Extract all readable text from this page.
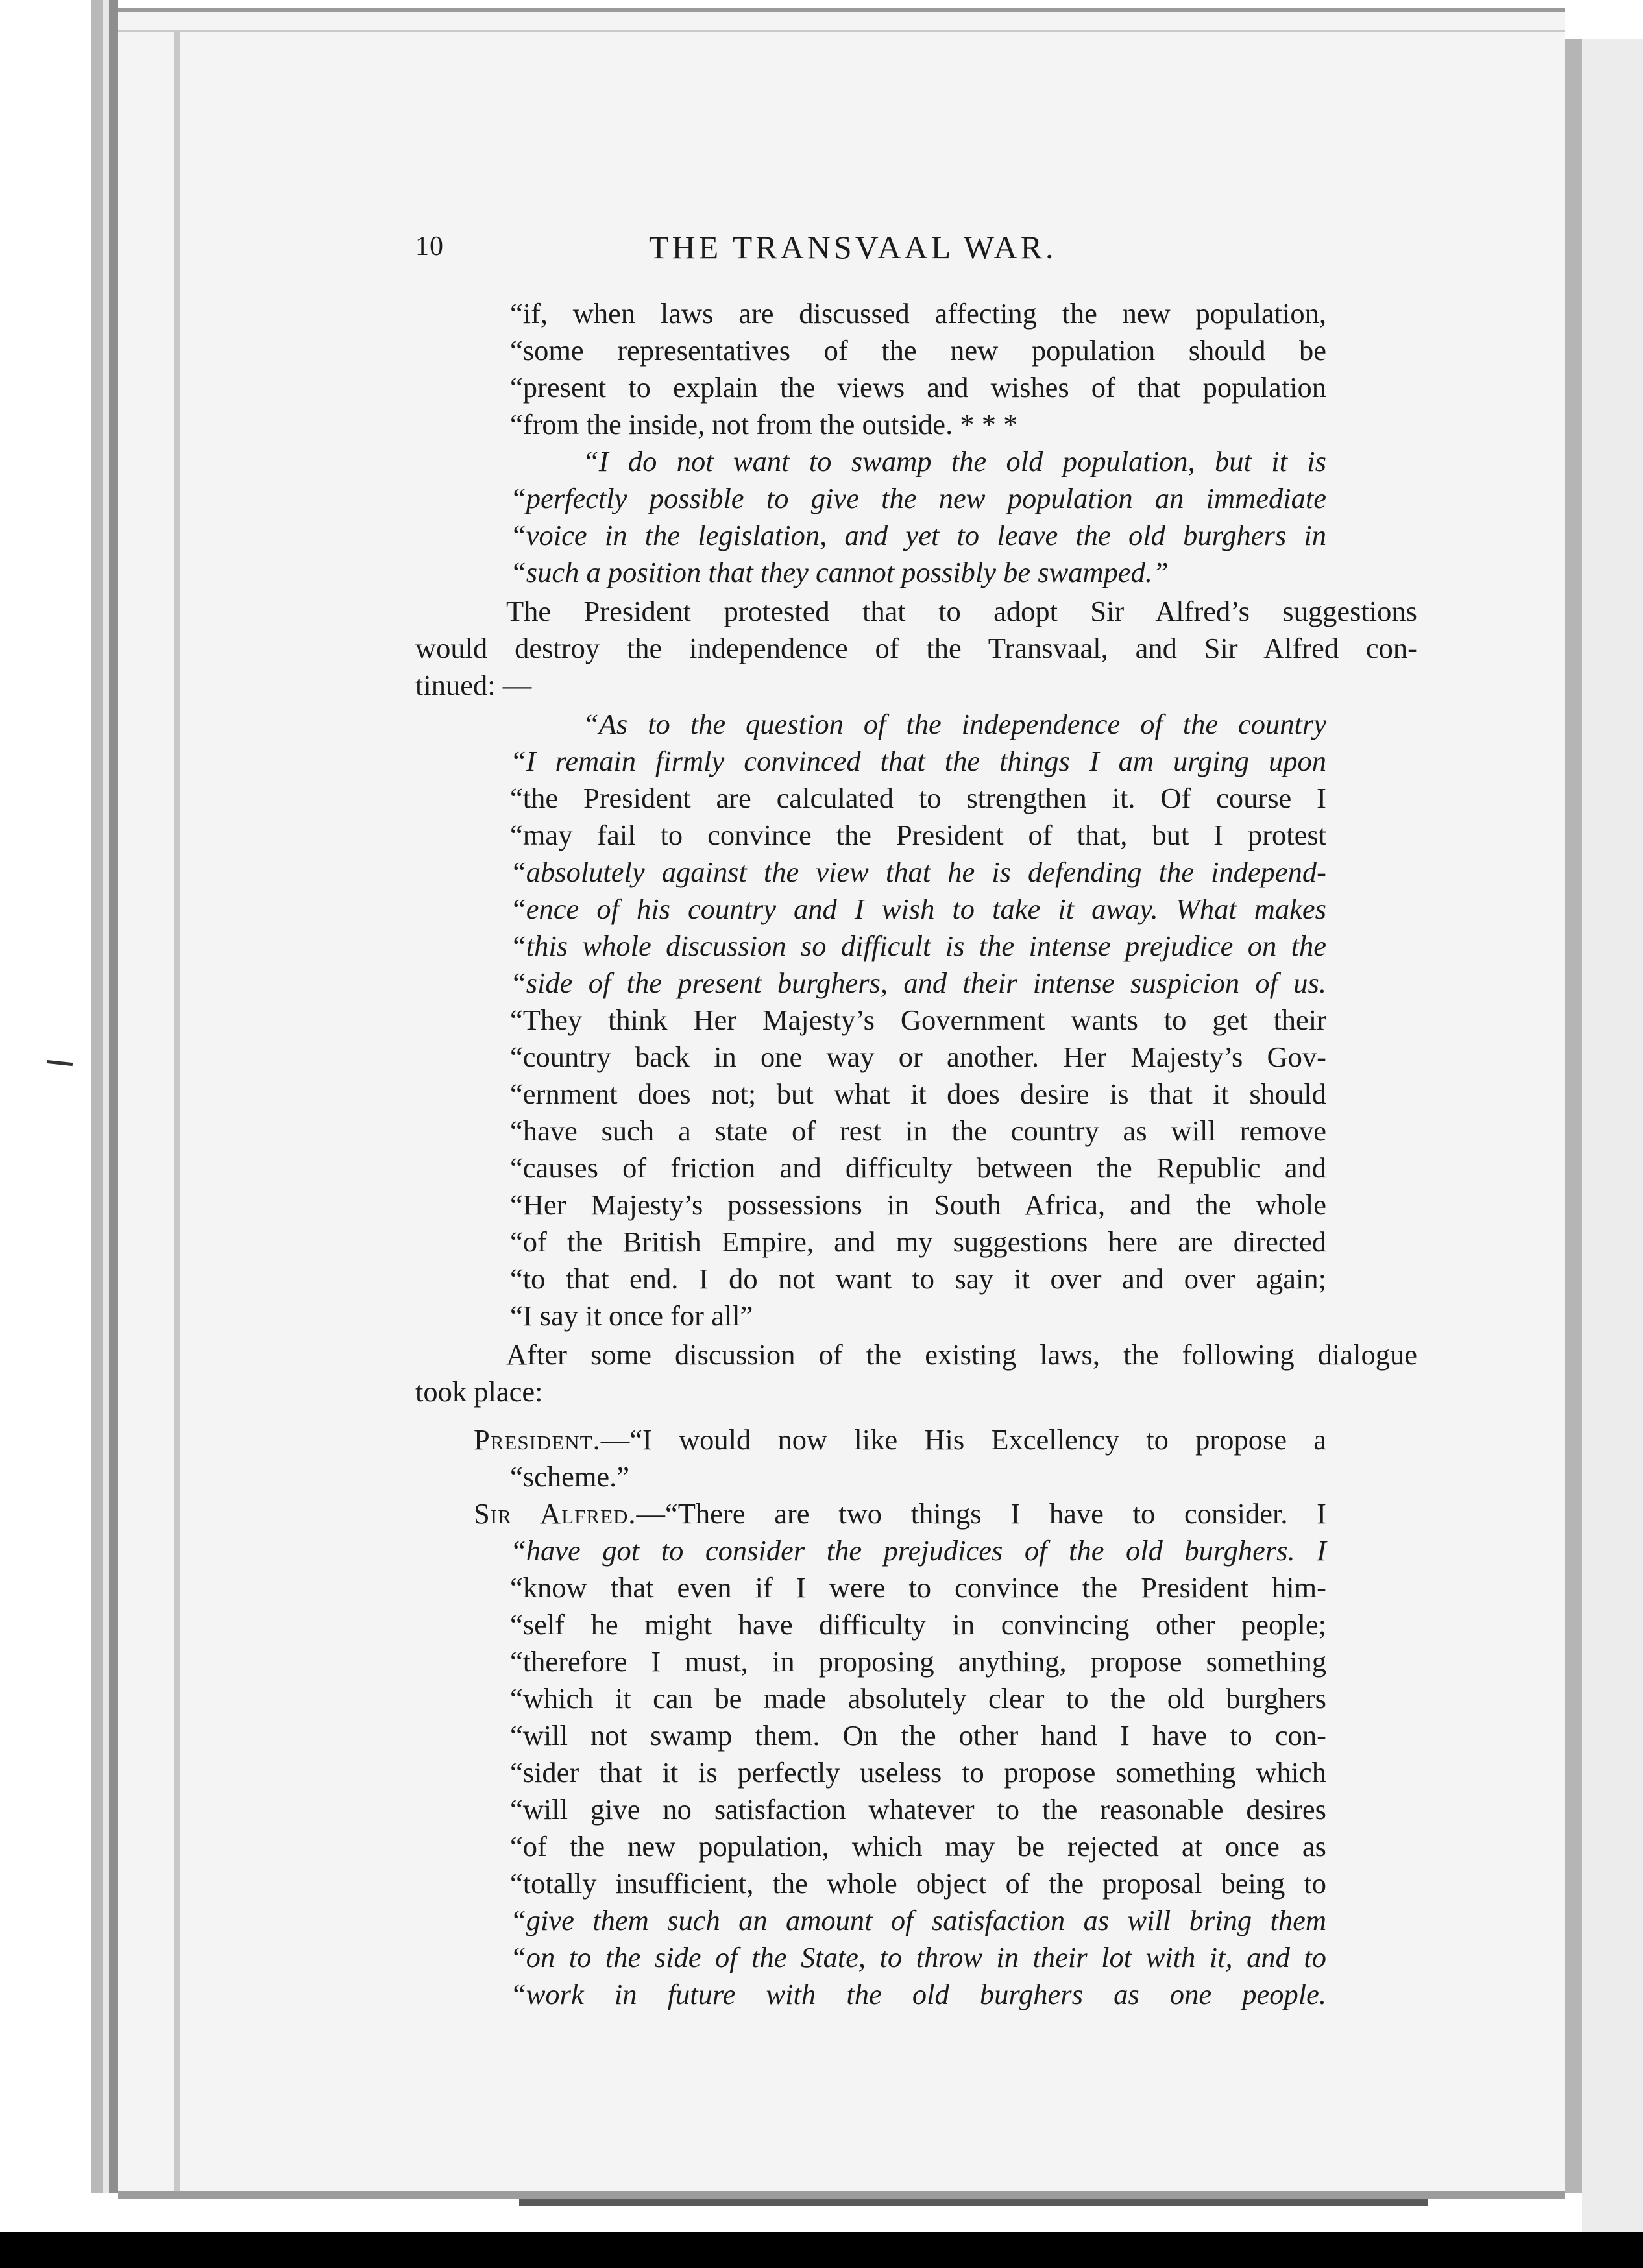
10	THE TRANSVAAL WAR.
“if, when laws are discussed affecting the new population,
“some representatives of the new population should be
“present to explain the views and wishes of that population
“from the inside, not from the outside. * * *
“I do not want to swamp the old population, but it is
“perfectly possible to give the new population an immediate
“voice in the legislation, and yet to leave the old burghers in
“such a position that they cannot possibly be swamped.”
The President protested that to adopt Sir Alfred’s suggestions
would destroy the independence of the Transvaal, and Sir Alfred con-
tinued: —
“As to the question of the independence of the country
“I remain firmly convinced that the things I am urging upon
“the President are calculated to strengthen it. Of course I
“may fail to convince the President of that, but I protest
“absolutely against the view that he is defending the independ-
“ence of his country and I wish to take it away. What makes
“this whole discussion so difficult is the intense prejudice on the
“side of the present burghers, and their intense suspicion of us.
“They think Her Majesty’s Government wants to get their
“country back in one way or another. Her Majesty’s Gov-
“ernment does not; but what it does desire is that it should
“have such a state of rest in the country as will remove
“causes of friction and difficulty between the Republic and
“Her Majesty’s possessions in South Africa, and the whole
“of the British Empire, and my suggestions here are directed
“to that end. I do not want to say it over and over again;
“I say it once for all”
After some discussion of the existing laws, the following dialogue
took place:
President.—“I would now like His Excellency to propose a
“scheme.”
Sir Alfred.—“There are two things I have to consider. I
“have got to consider the prejudices of the old burghers. I
“know that even if I were to convince the President him-
“self he might have difficulty in convincing other people;
“therefore I must, in proposing anything, propose something
“which it can be made absolutely clear to the old burghers
“will not swamp them. On the other hand I have to con-
“sider that it is perfectly useless to propose something which
“will give no satisfaction whatever to the reasonable desires
“of the new population, which may be rejected at once as
“totally insufficient, the whole object of the proposal being to
“give them such an amount of satisfaction as will bring them
“on to the side of the State, to throw in their lot with it, and to
“work in future with the old burghers as one people.
